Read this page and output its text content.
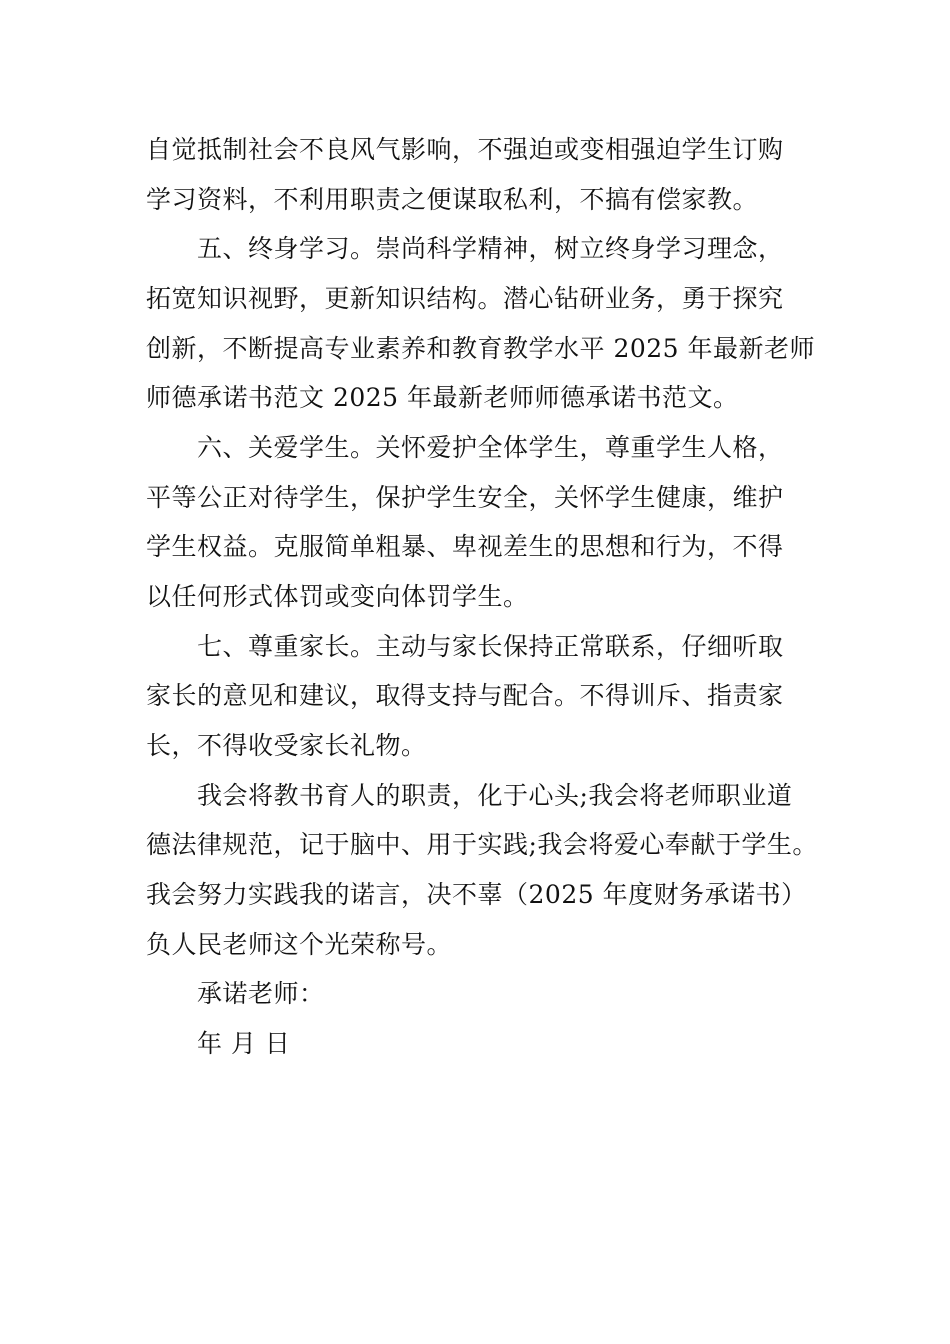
自觉抵制社会不良风气影响，不强迫或变相强迫学生订购
学习资料，不利用职责之便谋取私利，不搞有偿家教。
五、终身学习。崇尚科学精神，树立终身学习理念，
拓宽知识视野，更新知识结构。潜心钻研业务，勇于探究
创新，不断提高专业素养和教育教学水平 2025 年最新老师
师德承诺书范文 2025 年最新老师师德承诺书范文。
六、关爱学生。关怀爱护全体学生，尊重学生人格，
平等公正对待学生，保护学生安全，关怀学生健康，维护
学生权益。克服简单粗暴、卑视差生的思想和行为，不得
以任何形式体罚或变向体罚学生。
七、尊重家长。主动与家长保持正常联系，仔细听取
家长的意见和建议，取得支持与配合。不得训斥、指责家
长，不得收受家长礼物。
我会将教书育人的职责，化于心头;我会将老师职业道
德法律规范，记于脑中、用于实践;我会将爱心奉献于学生。
我会努力实践我的诺言，决不辜（2025 年度财务承诺书）
负人民老师这个光荣称号。
承诺老师：
年 月 日
